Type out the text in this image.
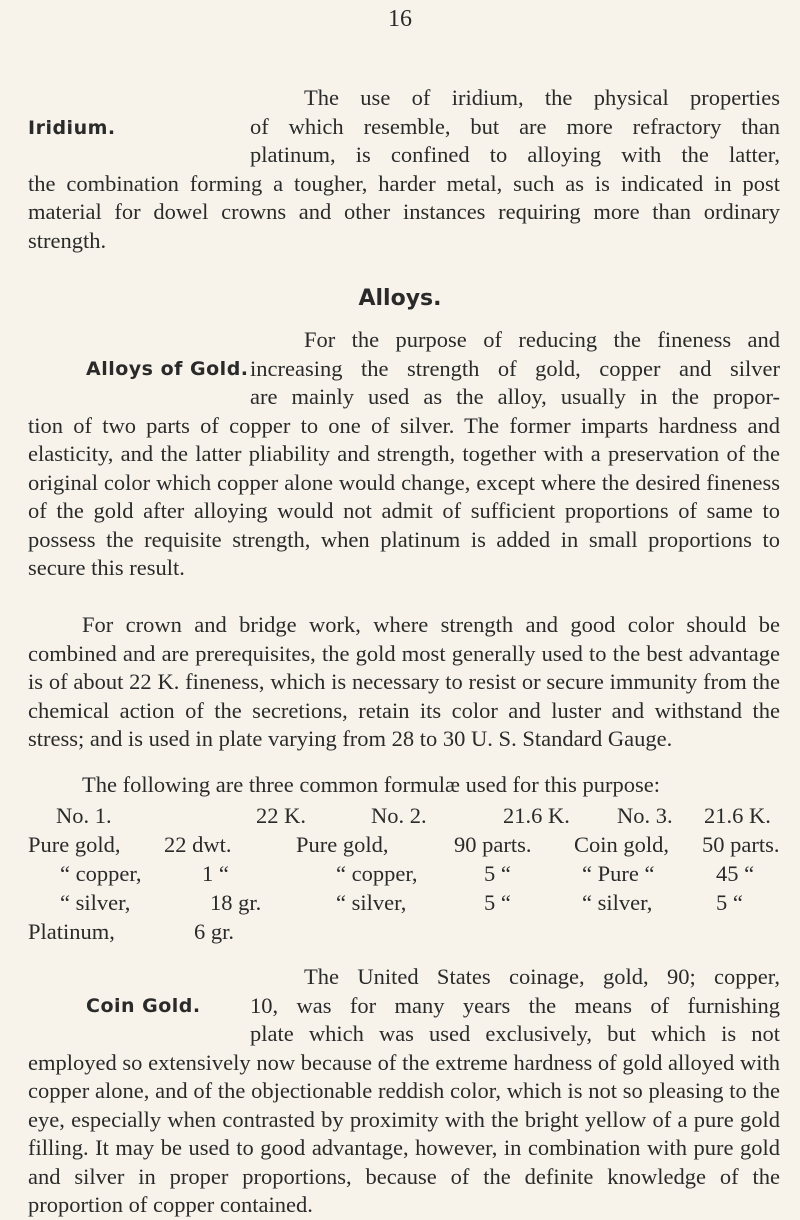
16
Iridium.

The use of iridium, the physical properties

of which resemble, but are more refractory than

platinum, is confined to alloying with the latter,

the combination forming a tougher, harder metal, such as is indicated in post material for dowel crowns and other instances requiring more than ordinary strength.

Alloys.
Alloys of Gold.

For the purpose of reducing the fineness and

increasing the strength of gold, copper and silver

are mainly used as the alloy, usually in the propor-

tion of two parts of copper to one of silver. The former imparts hardness and elasticity, and the latter pliability and strength, together with a preservation of the original color which copper alone would change, except where the desired fineness of the gold after alloying would not admit of sufficient proportions of same to possess the requisite strength, when platinum is added in small proportions to secure this result.

For crown and bridge work, where strength and good color should be combined and are prerequisites, the gold most generally used to the best advantage is of about 22 K. fineness, which is necessary to resist or secure immunity from the chemical action of the secretions, retain its color and luster and withstand the stress; and is used in plate varying from 28 to 30 U. S. Standard Gauge.

The following are three common formulæ used for this purpose:

No. 1.	22 K.	No. 2.	21.6 K. No. 3. 21.6 K.
Pure gold, 22 dwt.	Pure gold,	90 parts. Coin gold, 50 parts.
“ copper,	1 “	“ copper,	5 “	“ Pure “	45 “
“ silver,	18 gr.	“ silver,	5 “	“ silver,	5 “
Platinum,	6 gr.
Coin Gold.

The United States coinage, gold, 90; copper,

10, was for many years the means of furnishing

plate which was used exclusively, but which is not

employed so extensively now because of the extreme hardness of gold alloyed with copper alone, and of the objectionable reddish color, which is not so pleasing to the eye, especially when contrasted by proximity with the bright yellow of a pure gold filling. It may be used to good advantage, however, in combination with pure gold and silver in proper proportions, because of the definite knowledge of the proportion of copper contained.
